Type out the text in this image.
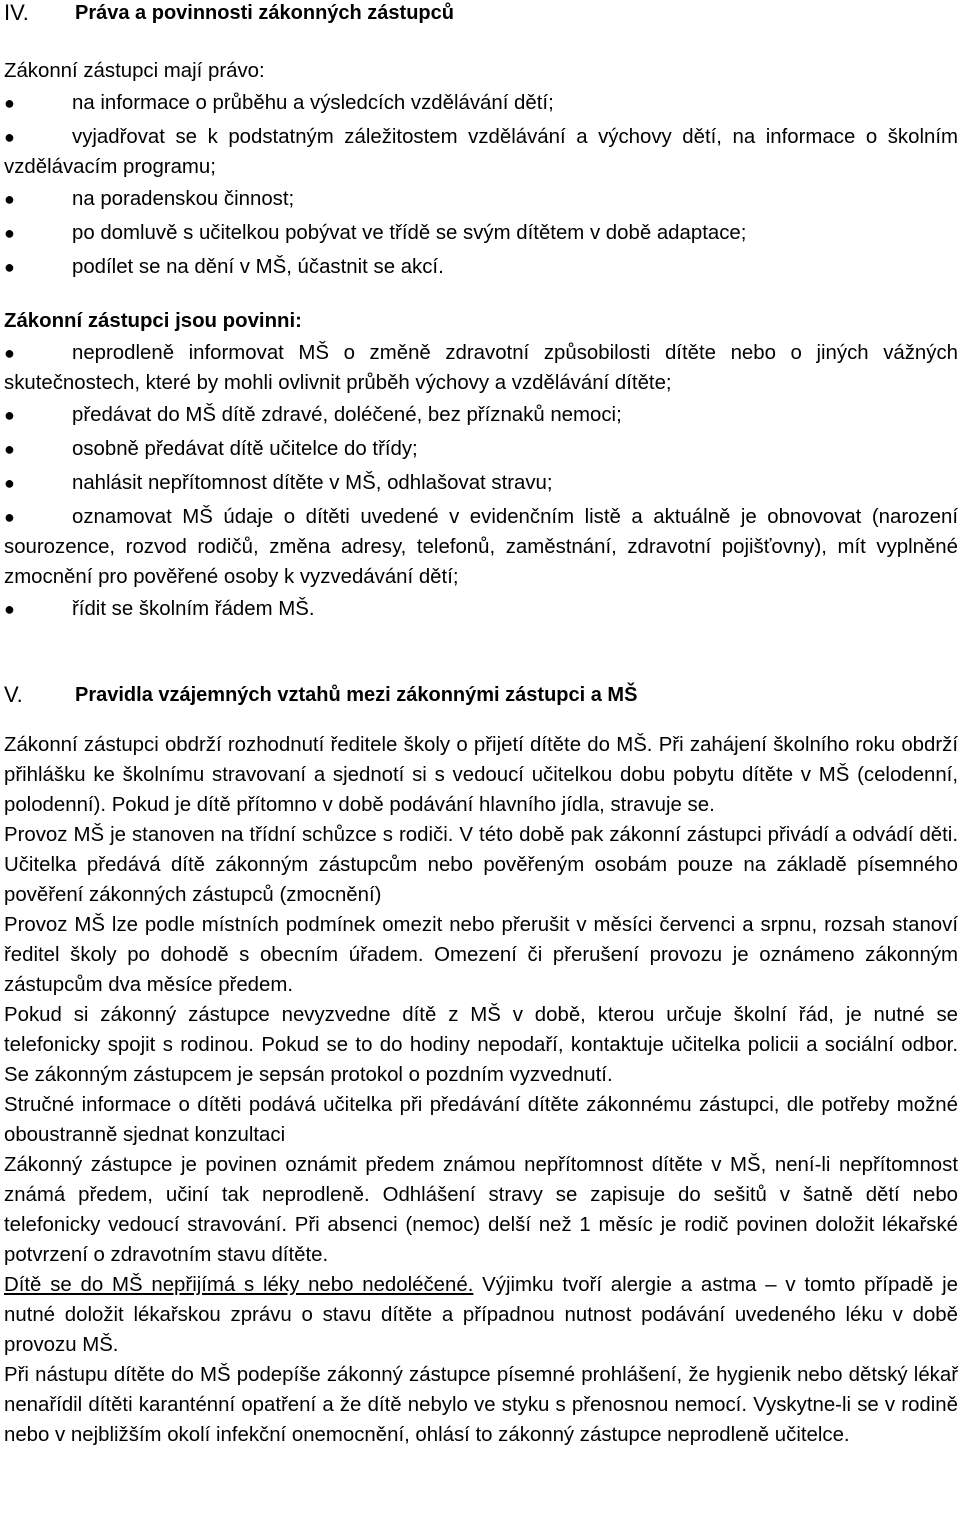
IV. Práva a povinnosti zákonných zástupců

Zákonní zástupci mají právo:

●	na informace o průběhu a výsledcích vzdělávání dětí;
●	vyjadřovat se k podstatným záležitostem vzdělávání a výchovy dětí, na informace o školním vzdělávacím programu;
●	na poradenskou činnost;
●	po domluvě s učitelkou pobývat ve třídě se svým dítětem v době adaptace;
●	podílet se na dění v MŠ, účastnit se akcí.

Zákonní zástupci jsou povinni:

●	neprodleně informovat MŠ o změně zdravotní způsobilosti dítěte nebo o jiných vážných skutečnostech, které by mohli ovlivnit průběh výchovy a vzdělávání dítěte;
●	předávat do MŠ dítě zdravé, doléčené, bez příznaků nemoci;
●	osobně předávat dítě učitelce do třídy;
●	nahlásit nepřítomnost dítěte v MŠ, odhlašovat stravu;
●	oznamovat MŠ údaje o dítěti uvedené v evidenčním listě a aktuálně je obnovovat (narození sourozence, rozvod rodičů, změna adresy, telefonů, zaměstnání, zdravotní pojišťovny), mít vyplněné zmocnění pro pověřené osoby k vyzvedávání dětí;
●	řídit se školním řádem MŠ.
V.	Pravidla vzájemných vztahů mezi zákonnými zástupci a MŠ

Zákonní zástupci obdrží rozhodnutí ředitele školy o přijetí dítěte do MŠ. Při zahájení školního roku obdrží přihlášku ke školnímu stravovaní a sjednotí si s vedoucí učitelkou dobu pobytu dítěte v MŠ (celodenní, polodenní). Pokud je dítě přítomno v době podávání hlavního jídla, stravuje se.

Provoz MŠ je stanoven na třídní schůzce s rodiči. V této době pak zákonní zástupci přivádí a odvádí děti. Učitelka předává dítě zákonným zástupcům nebo pověřeným osobám pouze na základě písemného pověření zákonných zástupců (zmocnění)

Provoz MŠ lze podle místních podmínek omezit nebo přerušit v měsíci červenci a srpnu, rozsah stanoví ředitel školy po dohodě s obecním úřadem. Omezení či přerušení provozu je oznámeno zákonným zástupcům dva měsíce předem.

Pokud si zákonný zástupce nevyzvedne dítě z MŠ v době, kterou určuje školní řád, je nutné se telefonicky spojit s rodinou. Pokud se to do hodiny nepodaří, kontaktuje učitelka policii a sociální odbor. Se zákonným zástupcem je sepsán protokol o pozdním vyzvednutí.

Stručné informace o dítěti podává učitelka při předávání dítěte zákonnému zástupci, dle potřeby možné oboustranně sjednat konzultaci

Zákonný zástupce je povinen oznámit předem známou nepřítomnost dítěte v MŠ, není-li nepřítomnost známá předem, učiní tak neprodleně. Odhlášení stravy se zapisuje do sešitů v šatně dětí nebo telefonicky vedoucí stravování. Při absenci (nemoc) delší než 1 měsíc je rodič povinen doložit lékařské potvrzení o zdravotním stavu dítěte.

Dítě se do MŠ nepřijímá s léky nebo nedoléčené. Výjimku tvoří alergie a astma – v tomto případě je nutné doložit lékařskou zprávu o stavu dítěte a případnou nutnost podávání uvedeného léku v době provozu MŠ.

Při nástupu dítěte do MŠ podepíše zákonný zástupce písemné prohlášení, že hygienik nebo dětský lékař nenařídil dítěti karanténní opatření a že dítě nebylo ve styku s přenosnou nemocí. Vyskytne-li se v rodině nebo v nejbližším okolí infekční onemocnění, ohlásí to zákonný zástupce neprodleně učitelce.
